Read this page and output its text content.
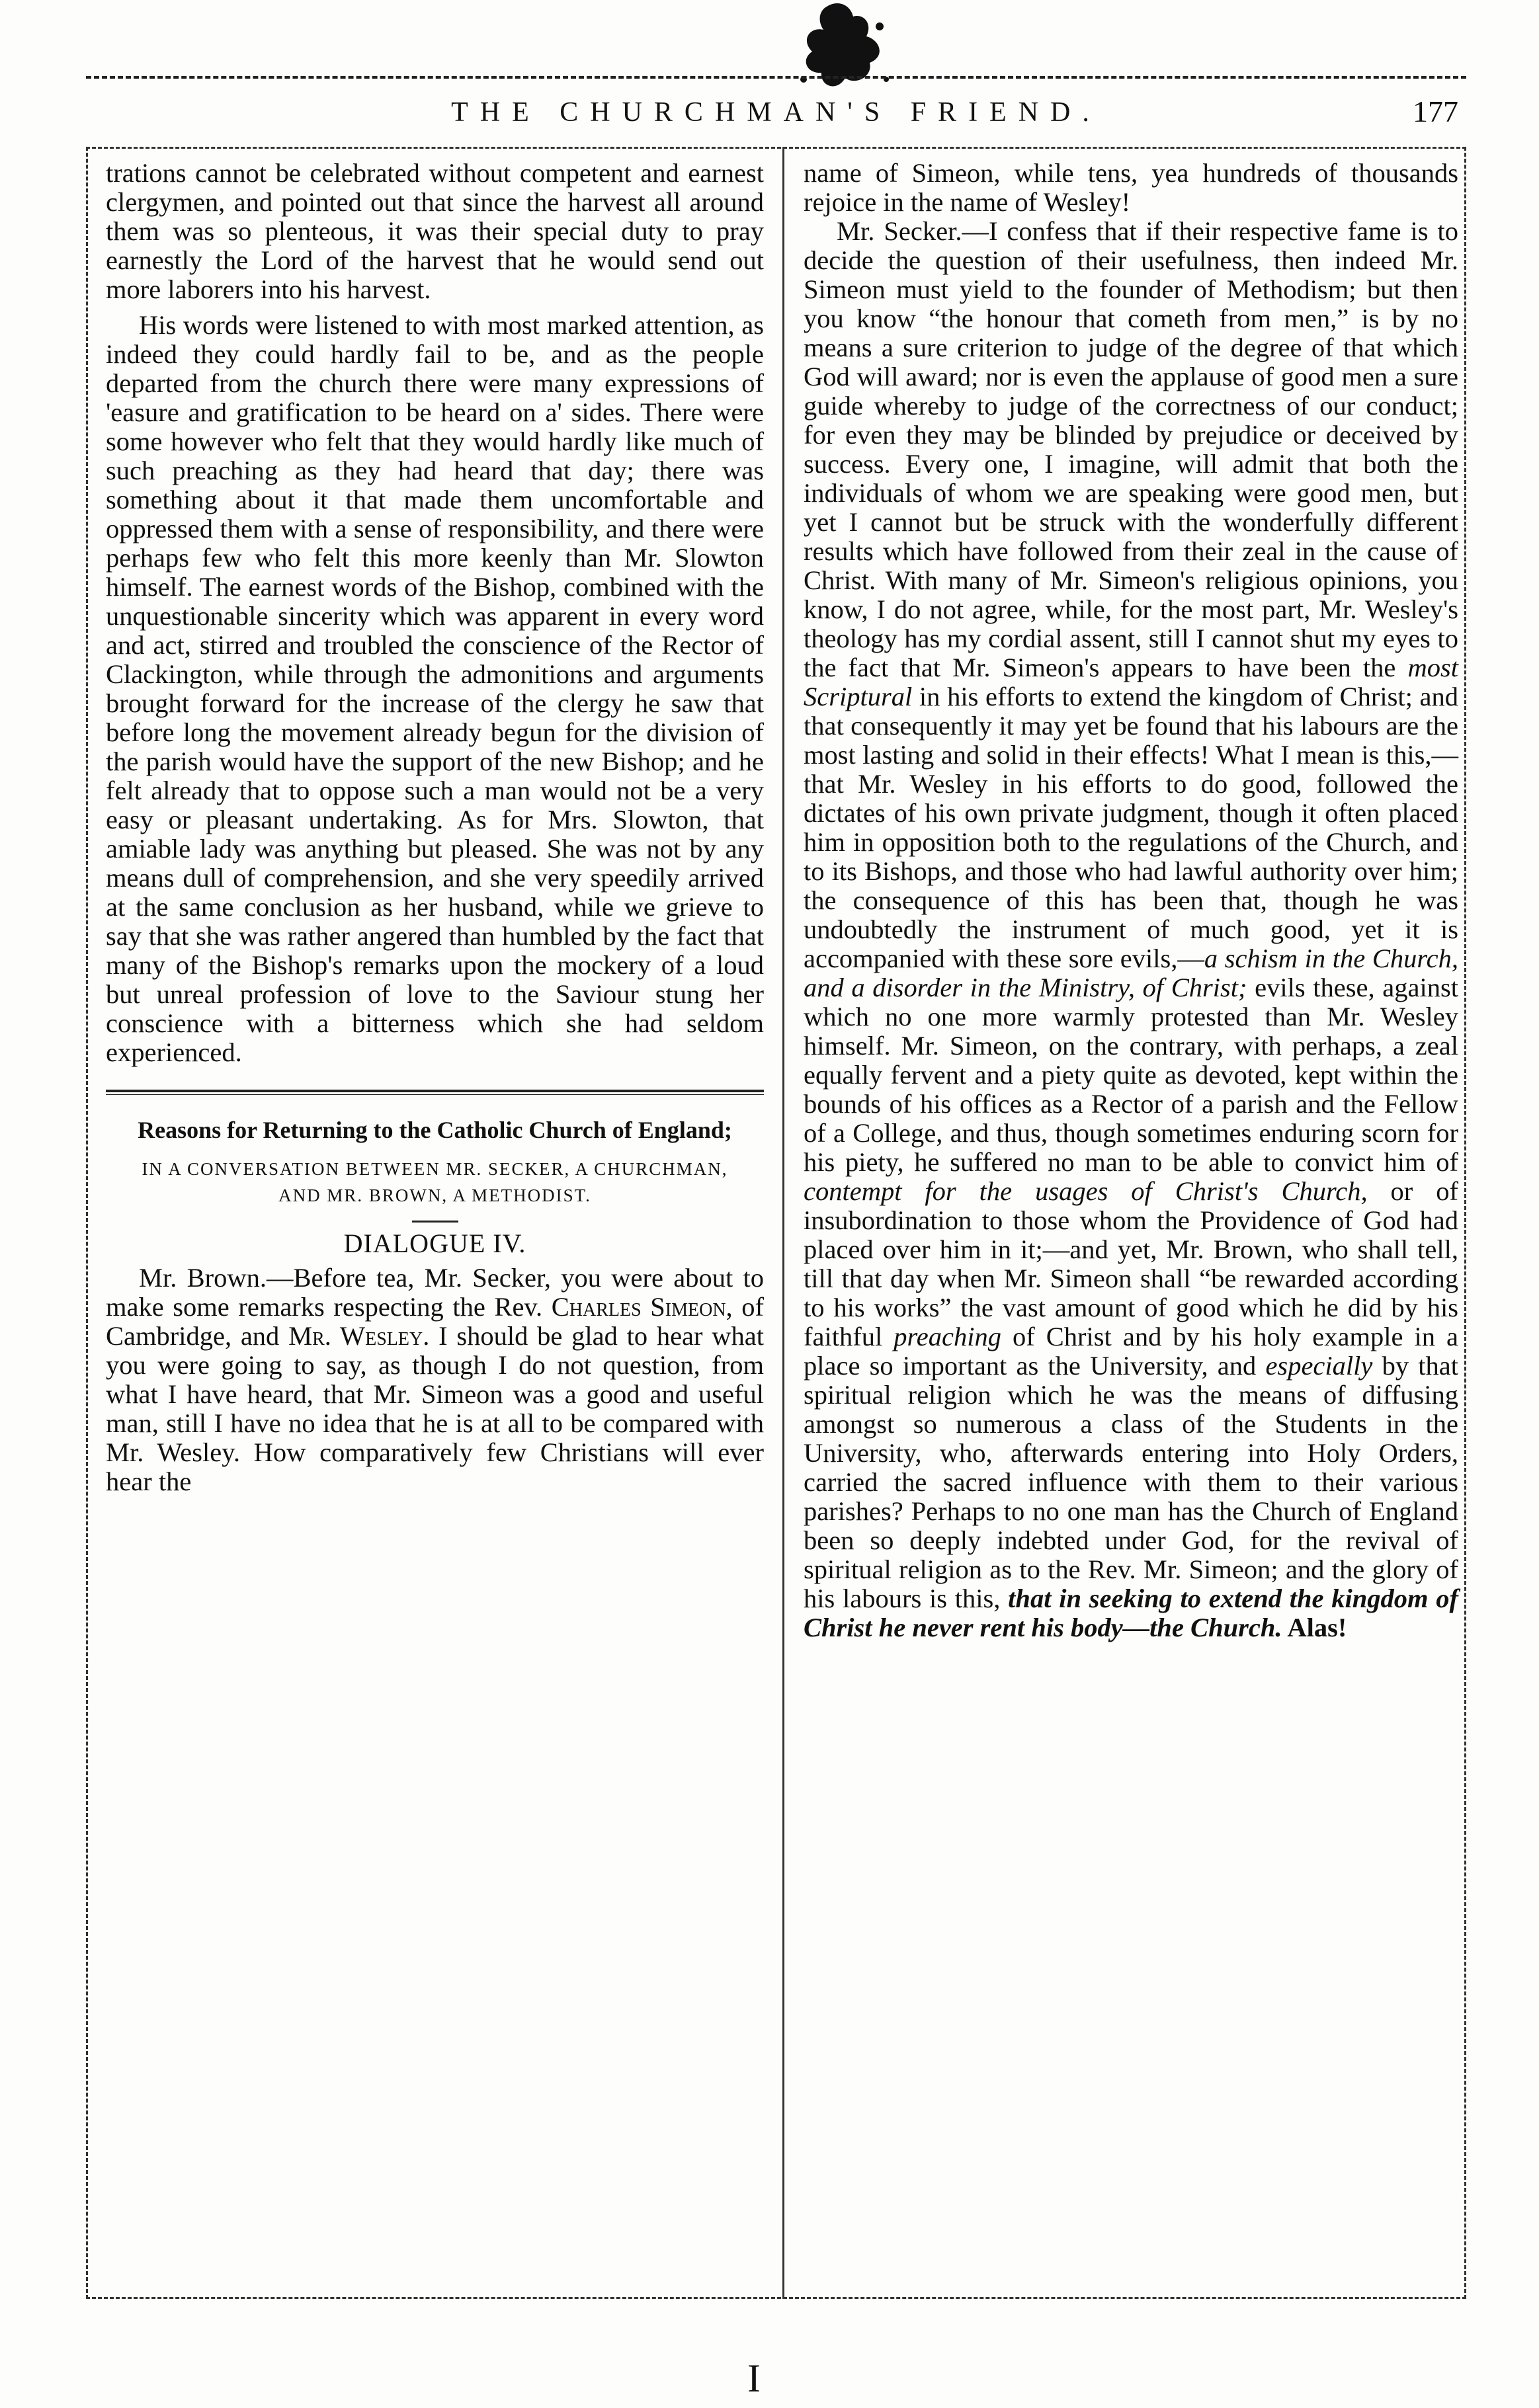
THE CHURCHMAN'S FRIEND.	177

trations cannot be celebrated without competent and earnest clergymen, and pointed out that since the harvest all around them was so plenteous, it was their special duty to pray earnestly the Lord of the harvest that he would send out more laborers into his harvest.

His words were listened to with most marked attention, as indeed they could hardly fail to be, and as the people departed from the church there were many expressions of 'easure and gratification to be heard on a' sides. There were some however who felt that they would hardly like much of such preaching as they had heard that day; there was something about it that made them uncomfortable and oppressed them with a sense of responsibility, and there were perhaps few who felt this more keenly than Mr. Slowton himself. The earnest words of the Bishop, combined with the unquestionable sincerity which was apparent in every word and act, stirred and troubled the conscience of the Rector of Clackington, while through the admonitions and arguments brought forward for the increase of the clergy he saw that before long the movement already begun for the division of the parish would have the support of the new Bishop; and he felt already that to oppose such a man would not be a very easy or pleasant undertaking. As for Mrs. Slowton, that amiable lady was anything but pleased. She was not by any means dull of comprehension, and she very speedily arrived at the same conclusion as her husband, while we grieve to say that she was rather angered than humbled by the fact that many of the Bishop's remarks upon the mockery of a loud but unreal profession of love to the Saviour stung her conscience with a bitterness which she had seldom experienced.

Reasons for Returning to the Catholic Church of England;
IN A CONVERSATION BETWEEN MR. SECKER, A CHURCHMAN, AND MR. BROWN, A METHODIST.
DIALOGUE IV.

Mr. Brown.—Before tea, Mr. Secker, you were about to make some remarks respecting the Rev. Charles Simeon, of Cambridge, and Mr. Wesley. I should be glad to hear what you were going to say, as though I do not question, from what I have heard, that Mr. Simeon was a good and useful man, still I have no idea that he is at all to be compared with Mr. Wesley. How comparatively few Christians will ever hear the

name of Simeon, while tens, yea hundreds of thousands rejoice in the name of Wesley!

Mr. Secker.—I confess that if their respective fame is to decide the question of their usefulness, then indeed Mr. Simeon must yield to the founder of Methodism; but then you know “the honour that cometh from men,” is by no means a sure criterion to judge of the degree of that which God will award; nor is even the applause of good men a sure guide whereby to judge of the correctness of our conduct; for even they may be blinded by prejudice or deceived by success. Every one, I imagine, will admit that both the individuals of whom we are speaking were good men, but yet I cannot but be struck with the wonderfully different results which have followed from their zeal in the cause of Christ. With many of Mr. Simeon's religious opinions, you know, I do not agree, while, for the most part, Mr. Wesley's theology has my cordial assent, still I cannot shut my eyes to the fact that Mr. Simeon's appears to have been the most Scriptural in his efforts to extend the kingdom of Christ; and that consequently it may yet be found that his labours are the most lasting and solid in their effects! What I mean is this,—that Mr. Wesley in his efforts to do good, followed the dictates of his own private judgment, though it often placed him in opposition both to the regulations of the Church, and to its Bishops, and those who had lawful authority over him; the consequence of this has been that, though he was undoubtedly the instrument of much good, yet it is accompanied with these sore evils,—a schism in the Church, and a disorder in the Ministry, of Christ; evils these, against which no one more warmly protested than Mr. Wesley himself. Mr. Simeon, on the contrary, with perhaps, a zeal equally fervent and a piety quite as devoted, kept within the bounds of his offices as a Rector of a parish and the Fellow of a College, and thus, though sometimes enduring scorn for his piety, he suffered no man to be able to convict him of contempt for the usages of Christ's Church, or of insubordination to those whom the Providence of God had placed over him in it;—and yet, Mr. Brown, who shall tell, till that day when Mr. Simeon shall “be rewarded according to his works” the vast amount of good which he did by his faithful preaching of Christ and by his holy example in a place so important as the University, and especially by that spiritual religion which he was the means of diffusing amongst so numerous a class of the Students in the University, who, afterwards entering into Holy Orders, carried the sacred influence with them to their various parishes? Perhaps to no one man has the Church of England been so deeply indebted under God, for the revival of spiritual religion as to the Rev. Mr. Simeon; and the glory of his labours is this, that in seeking to extend the kingdom of Christ he never rent his body—the Church. Alas!

I
